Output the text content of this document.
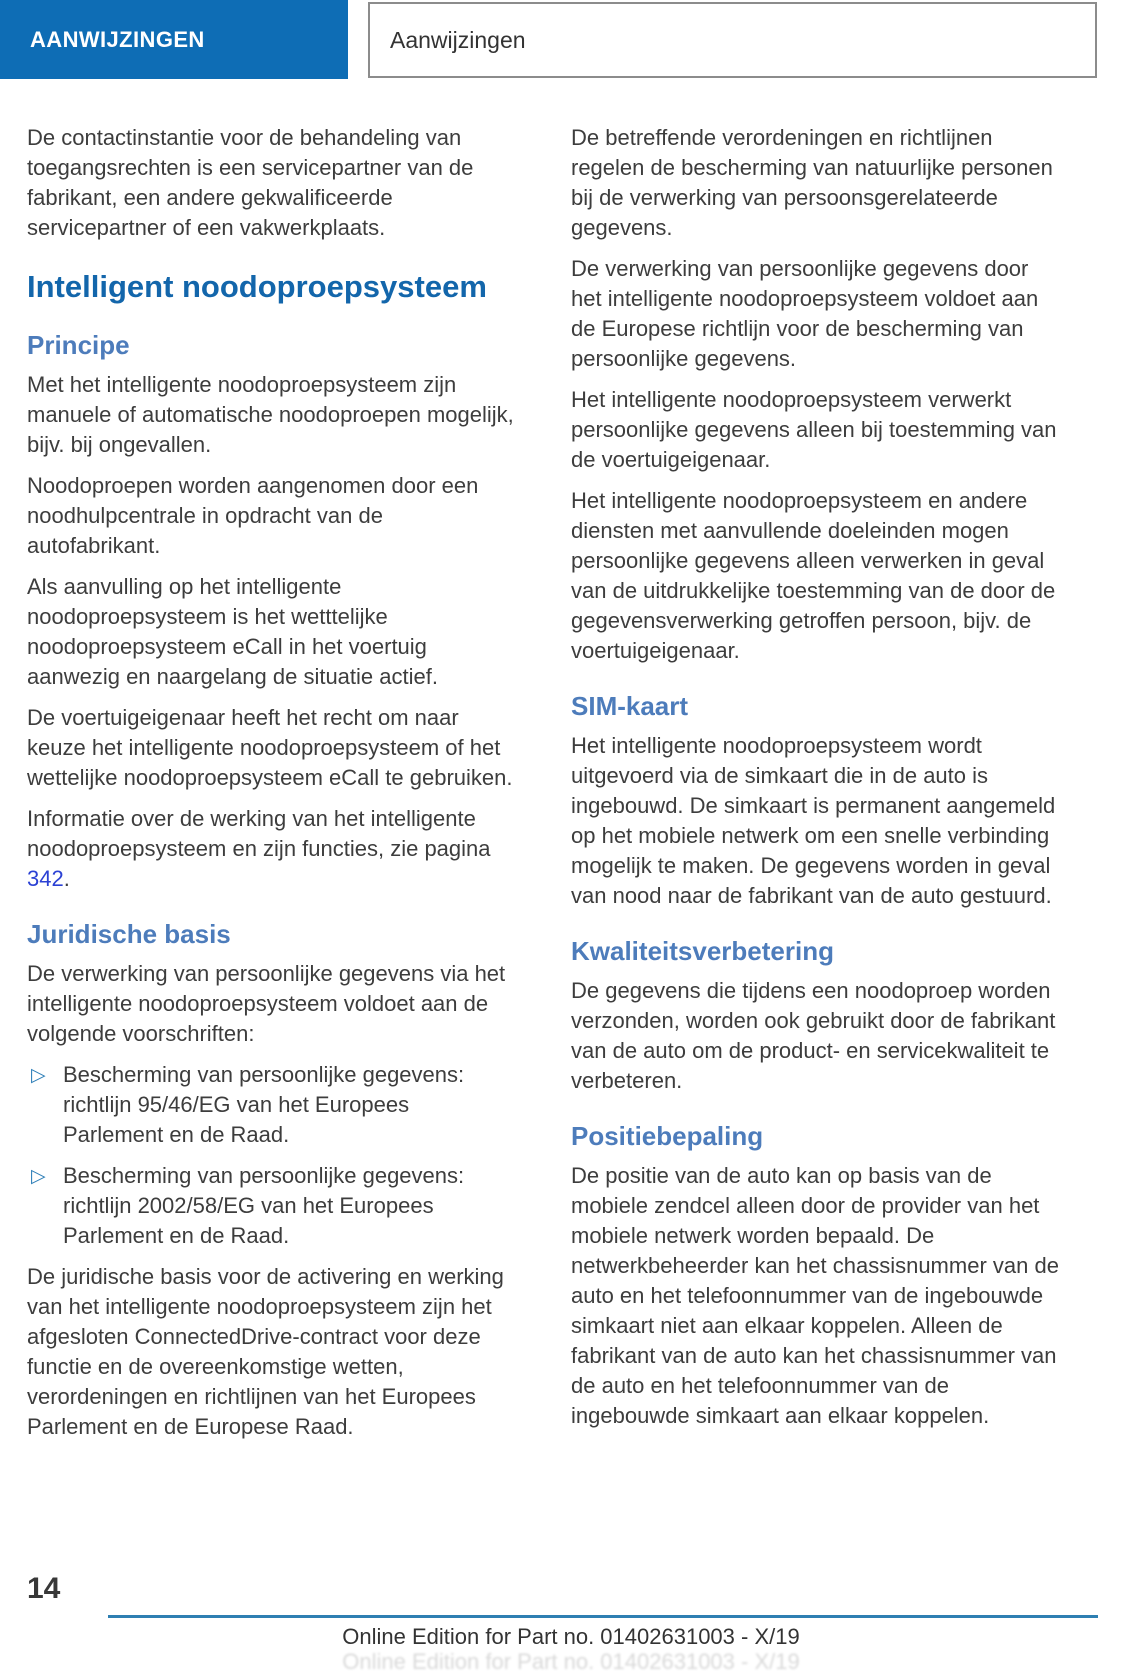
AANWIJZINGEN	Aanwijzingen

De contactinstantie voor de behandeling van toegangsrechten is een servicepartner van de fabrikant, een andere gekwalificeerde servicepartner of een vakwerkplaats.

Intelligent noodoproepsysteem
Principe

Met het intelligente noodoproepsysteem zijn manuele of automatische noodoproepen mogelijk, bijv. bij ongevallen.

Noodoproepen worden aangenomen door een noodhulpcentrale in opdracht van de autofabrikant.

Als aanvulling op het intelligente noodoproepsysteem is het wetttelijke noodoproepsysteem eCall in het voertuig aanwezig en naargelang de situatie actief.

De voertuigeigenaar heeft het recht om naar keuze het intelligente noodoproepsysteem of het wettelijke noodoproepsysteem eCall te gebruiken.

Informatie over de werking van het intelligente noodoproepsysteem en zijn functies, zie pagina 342.

Juridische basis

De verwerking van persoonlijke gegevens via het intelligente noodoproepsysteem voldoet aan de volgende voorschriften:

▷ Bescherming van persoonlijke gegevens: richtlijn 95/46/EG van het Europees Parlement en de Raad.
▷ Bescherming van persoonlijke gegevens: richtlijn 2002/58/EG van het Europees Parlement en de Raad.

De juridische basis voor de activering en werking van het intelligente noodoproepsysteem zijn het afgesloten ConnectedDrive-contract voor deze functie en de overeenkomstige wetten, verordeningen en richtlijnen van het Europees Parlement en de Europese Raad.

De betreffende verordeningen en richtlijnen regelen de bescherming van natuurlijke personen bij de verwerking van persoonsgerelateerde gegevens.

De verwerking van persoonlijke gegevens door het intelligente noodoproepsysteem voldoet aan de Europese richtlijn voor de bescherming van persoonlijke gegevens.

Het intelligente noodoproepsysteem verwerkt persoonlijke gegevens alleen bij toestemming van de voertuigeigenaar.

Het intelligente noodoproepsysteem en andere diensten met aanvullende doeleinden mogen persoonlijke gegevens alleen verwerken in geval van de uitdrukkelijke toestemming van de door de gegevensverwerking getroffen persoon, bijv. de voertuigeigenaar.

SIM-kaart

Het intelligente noodoproepsysteem wordt uitgevoerd via de simkaart die in de auto is ingebouwd. De simkaart is permanent aangemeld op het mobiele netwerk om een snelle verbinding mogelijk te maken. De gegevens worden in geval van nood naar de fabrikant van de auto gestuurd.

Kwaliteitsverbetering

De gegevens die tijdens een noodoproep worden verzonden, worden ook gebruikt door de fabrikant van de auto om de product- en servicekwaliteit te verbeteren.

Positiebepaling

De positie van de auto kan op basis van de mobiele zendcel alleen door de provider van het mobiele netwerk worden bepaald. De netwerkbeheerder kan het chassisnummer van de auto en het telefoonnummer van de ingebouwde simkaart niet aan elkaar koppelen. Alleen de fabrikant van de auto kan het chassisnummer van de auto en het telefoonnummer van de ingebouwde simkaart aan elkaar koppelen.

14
Online Edition for Part no. 01402631003 - X/19
Online Edition for Part no. 01402631003 - X/19
